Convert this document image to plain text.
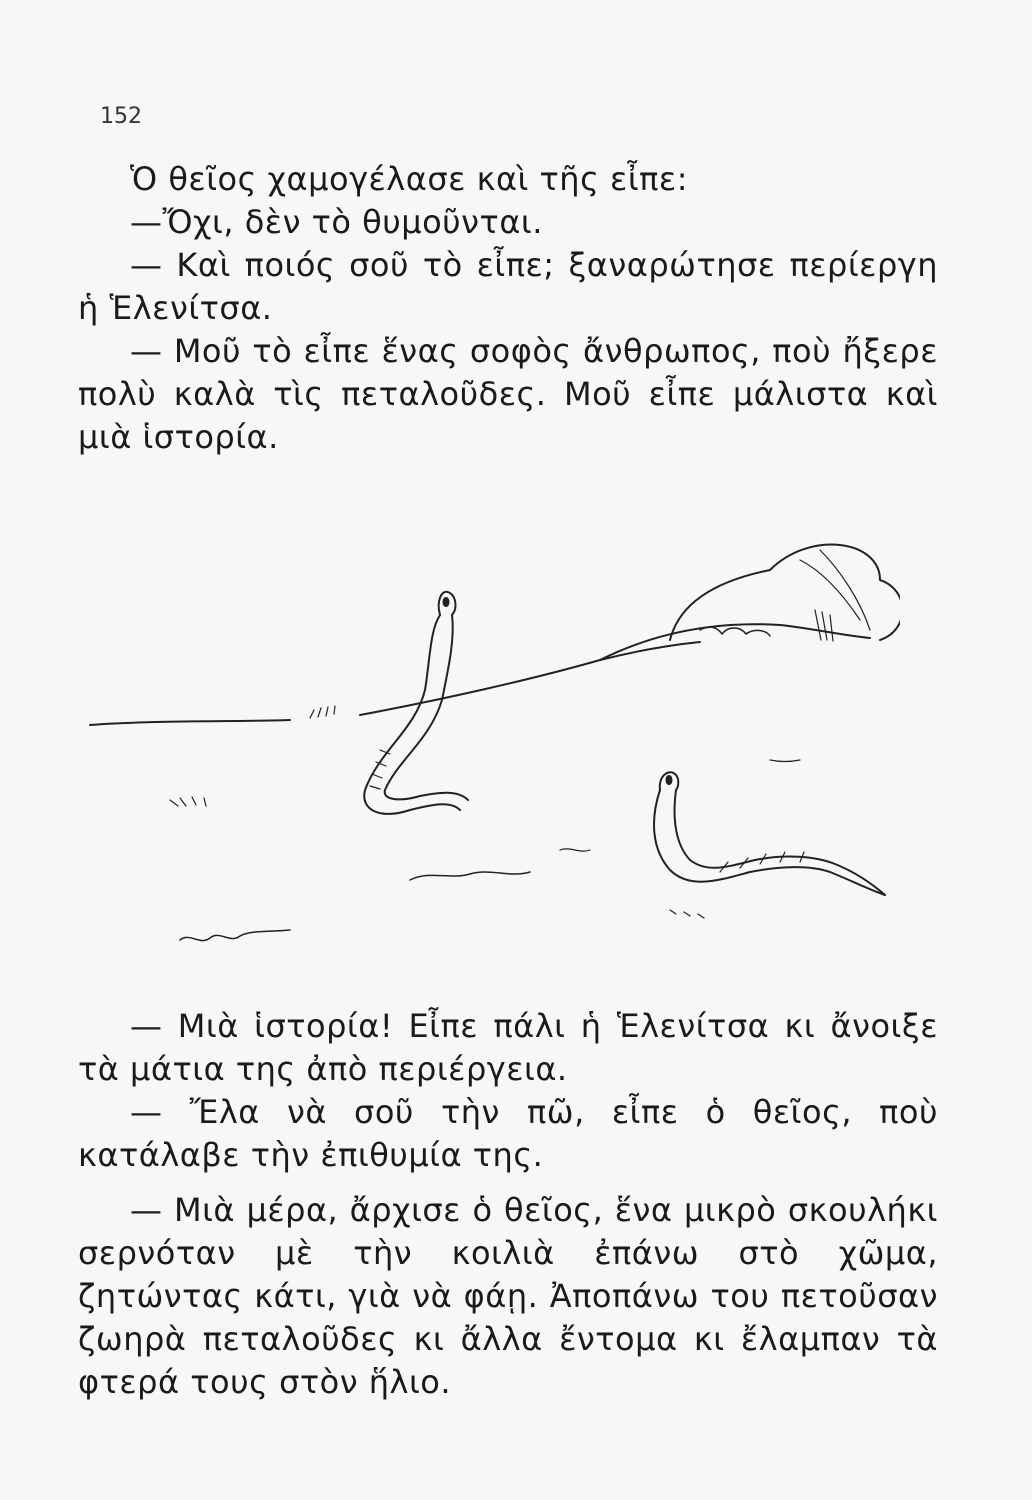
152

Ὁ θεῖος χαμογέλασε καὶ τῆς εἶπε:

—Ὄχι, δὲν τὸ θυμοῦνται.

— Καὶ ποιός σοῦ τὸ εἶπε; ξαναρώτησε περίεργη ἡ Ἑλενίτσα.

— Μοῦ τὸ εἶπε ἕνας σοφὸς ἄνθρωπος, ποὺ ἤξερε πολὺ καλὰ τὶς πεταλοῦδες. Μοῦ εἶπε μάλιστα καὶ μιὰ ἱστορία.

— Μιὰ ἱστορία! Εἶπε πάλι ἡ Ἑλενίτσα κι ἄνοιξε τὰ μάτια της ἀπὸ περιέργεια.

— Ἔλα νὰ σοῦ τὴν πῶ, εἶπε ὁ θεῖος, ποὺ κατάλαβε τὴν ἐπιθυμία της.

— Μιὰ μέρα, ἄρχισε ὁ θεῖος, ἕνα μικρὸ σκουλήκι σερνόταν μὲ τὴν κοιλιὰ ἐπάνω στὸ χῶμα, ζητώντας κάτι, γιὰ νὰ φάῃ. Ἀποπάνω του πετοῦσαν ζωηρὰ πεταλοῦδες κι ἄλλα ἔντομα κι ἔλαμπαν τὰ φτερά τους στὸν ἥλιο.
